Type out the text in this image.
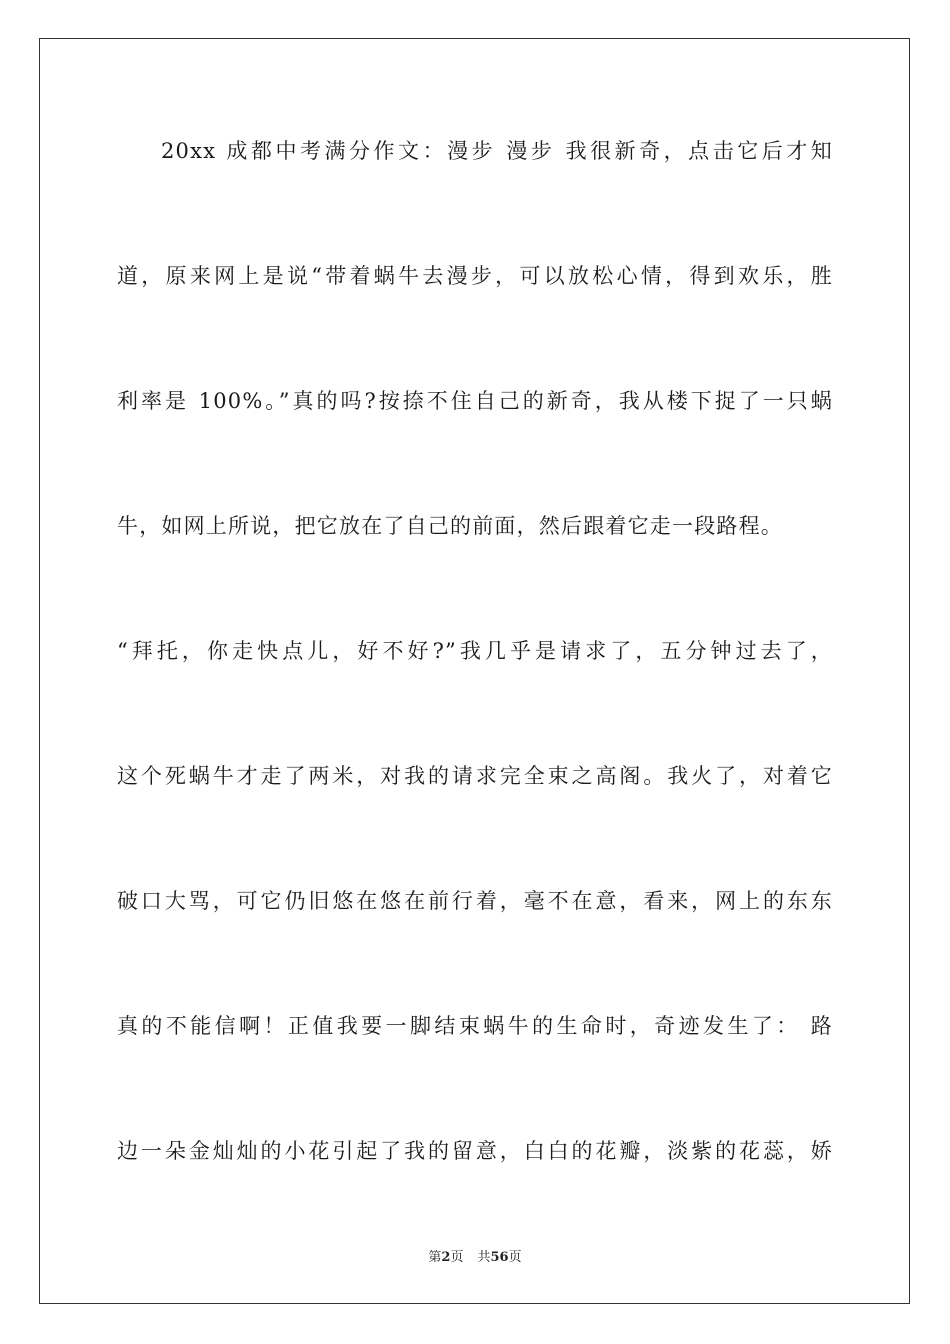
20xx 成都中考满分作文：漫步 漫步 我很新奇，点击它后才知
道，原来网上是说“带着蜗牛去漫步，可以放松心情，得到欢乐，胜
利率是 100%。”真的吗?按捺不住自己的新奇，我从楼下捉了一只蜗
牛，如网上所说，把它放在了自己的前面，然后跟着它走一段路程。
“拜托，你走快点儿，好不好?”我几乎是请求了，五分钟过去了，
这个死蜗牛才走了两米，对我的请求完全束之高阁。我火了，对着它
破口大骂，可它仍旧悠在悠在前行着，毫不在意，看来，网上的东东
真的不能信啊！正值我要一脚结束蜗牛的生命时，奇迹发生了： 路
边一朵金灿灿的小花引起了我的留意，白白的花瓣，淡紫的花蕊，娇
第2页 共56页
